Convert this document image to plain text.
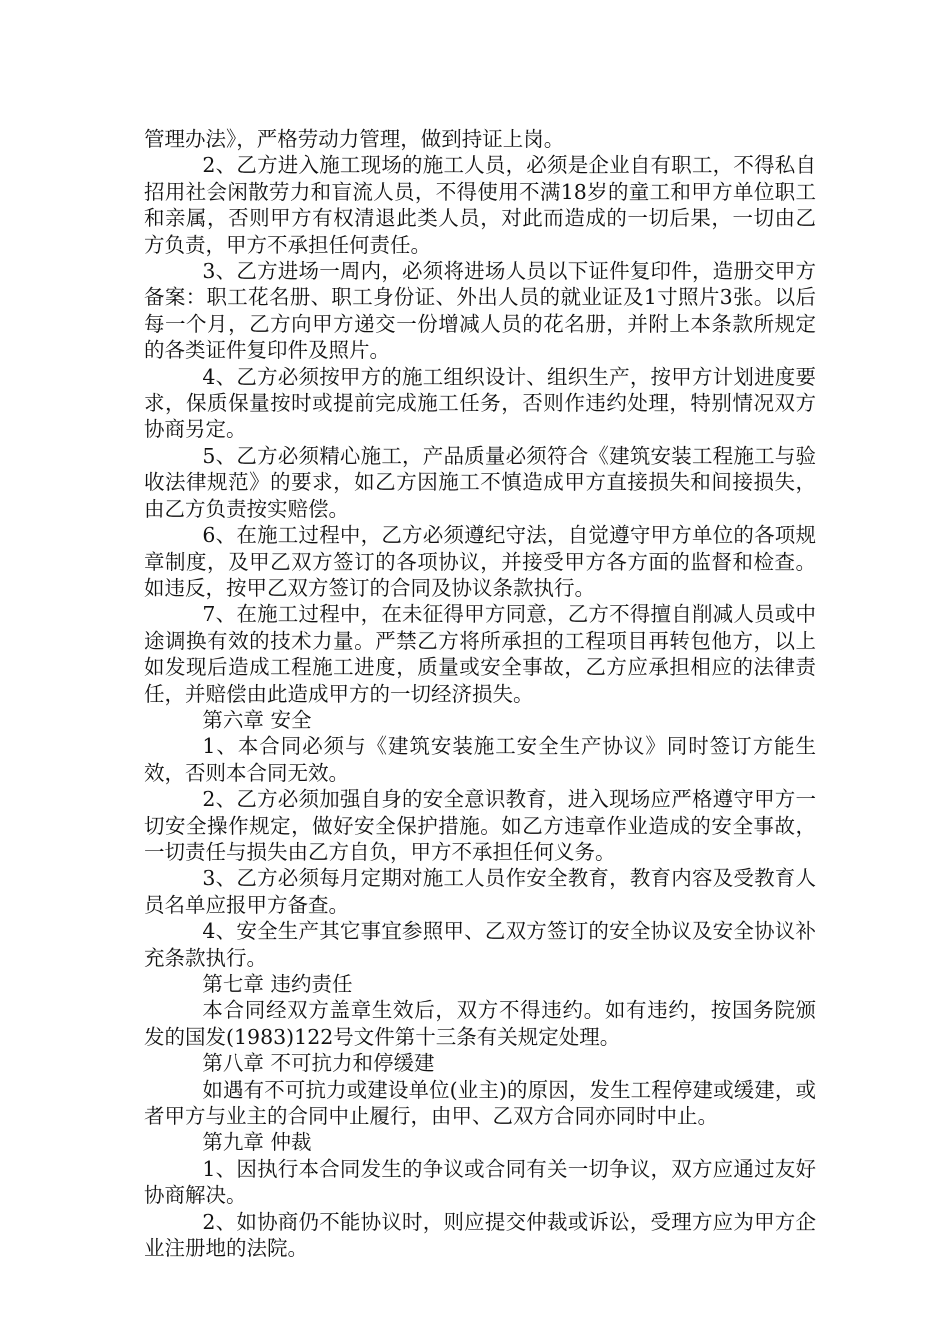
管理办法》，严格劳动力管理，做到持证上岗。

2、乙方进入施工现场的施工人员，必须是企业自有职工，不得私自招用社会闲散劳力和盲流人员，不得使用不满18岁的童工和甲方单位职工和亲属，否则甲方有权清退此类人员，对此而造成的一切后果，一切由乙方负责，甲方不承担任何责任。

3、乙方进场一周内，必须将进场人员以下证件复印件，造册交甲方备案：职工花名册、职工身份证、外出人员的就业证及1寸照片3张。以后每一个月，乙方向甲方递交一份增减人员的花名册，并附上本条款所规定的各类证件复印件及照片。

4、乙方必须按甲方的施工组织设计、组织生产，按甲方计划进度要求，保质保量按时或提前完成施工任务，否则作违约处理，特别情况双方协商另定。

5、乙方必须精心施工，产品质量必须符合《建筑安装工程施工与验收法律规范》的要求，如乙方因施工不慎造成甲方直接损失和间接损失，由乙方负责按实赔偿。

6、在施工过程中，乙方必须遵纪守法，自觉遵守甲方单位的各项规章制度，及甲乙双方签订的各项协议，并接受甲方各方面的监督和检查。如违反，按甲乙双方签订的合同及协议条款执行。

7、在施工过程中，在未征得甲方同意，乙方不得擅自削减人员或中途调换有效的技术力量。严禁乙方将所承担的工程项目再转包他方，以上如发现后造成工程施工进度，质量或安全事故，乙方应承担相应的法律责任，并赔偿由此造成甲方的一切经济损失。

第六章 安全

1、本合同必须与《建筑安装施工安全生产协议》同时签订方能生效，否则本合同无效。

2、乙方必须加强自身的安全意识教育，进入现场应严格遵守甲方一切安全操作规定，做好安全保护措施。如乙方违章作业造成的安全事故，一切责任与损失由乙方自负，甲方不承担任何义务。

3、乙方必须每月定期对施工人员作安全教育，教育内容及受教育人员名单应报甲方备查。

4、安全生产其它事宜参照甲、乙双方签订的安全协议及安全协议补充条款执行。

第七章 违约责任

本合同经双方盖章生效后，双方不得违约。如有违约，按国务院颁发的国发(1983)122号文件第十三条有关规定处理。

第八章 不可抗力和停缓建

如遇有不可抗力或建设单位(业主)的原因，发生工程停建或缓建，或者甲方与业主的合同中止履行，由甲、乙双方合同亦同时中止。

第九章 仲裁

1、因执行本合同发生的争议或合同有关一切争议，双方应通过友好协商解决。

2、如协商仍不能协议时，则应提交仲裁或诉讼，受理方应为甲方企业注册地的法院。
